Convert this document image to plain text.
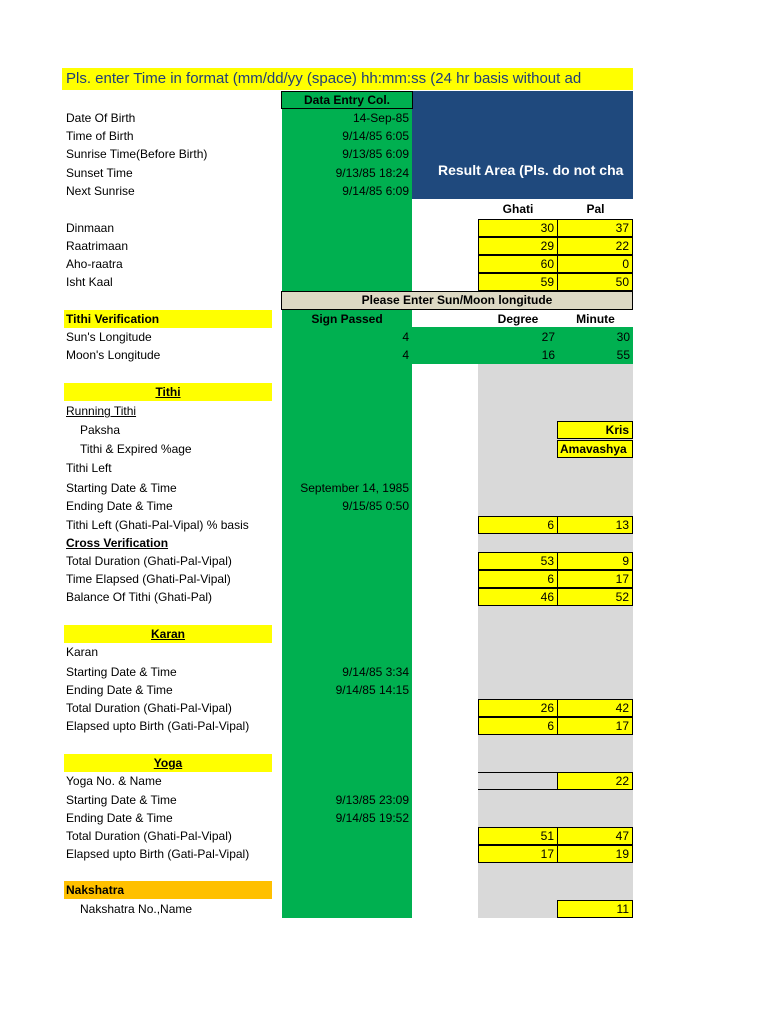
Pls. enter Time in format (mm/dd/yy (space) hh:mm:ss (24 hr basis without ad
Result Area (Pls. do not cha
Data Entry Col.
Date Of Birth	14-Sep-85
Time of Birth	9/14/85 6:05
Sunrise Time(Before Birth)	9/13/85 6:09
Sunset Time	9/13/85 18:24
Next Sunrise	9/14/85 6:09
Ghati	Pal
Dinmaan	30	37
Raatrimaan	29	22
Aho-raatra	60	0
Isht Kaal	59	50
Please Enter Sun/Moon longitude
Tithi Verification	Sign Passed	Degree	Minute
Sun's Longitude	4	27	30
Moon's Longitude	4	16	55
Tithi
Running Tithi
Paksha	Kris
Tithi & Expired %age	Amavashya
Tithi Left
Starting Date & Time	September 14, 1985
Ending Date & Time	9/15/85 0:50
Tithi Left (Ghati-Pal-Vipal) % basis	6	13
Cross Verification
Total Duration (Ghati-Pal-Vipal)	53	9
Time Elapsed (Ghati-Pal-Vipal)	6	17
Balance Of Tithi (Ghati-Pal)	46	52
Karan
Karan
Starting Date & Time	9/14/85 3:34
Ending Date & Time	9/14/85 14:15
Total Duration (Ghati-Pal-Vipal)	26	42
Elapsed upto Birth (Gati-Pal-Vipal)	6	17
Yoga
Yoga No. & Name	22
Starting Date & Time	9/13/85 23:09
Ending Date & Time	9/14/85 19:52
Total Duration (Ghati-Pal-Vipal)	51	47
Elapsed upto Birth (Gati-Pal-Vipal)	17	19
Nakshatra
Nakshatra No.,Name	11
